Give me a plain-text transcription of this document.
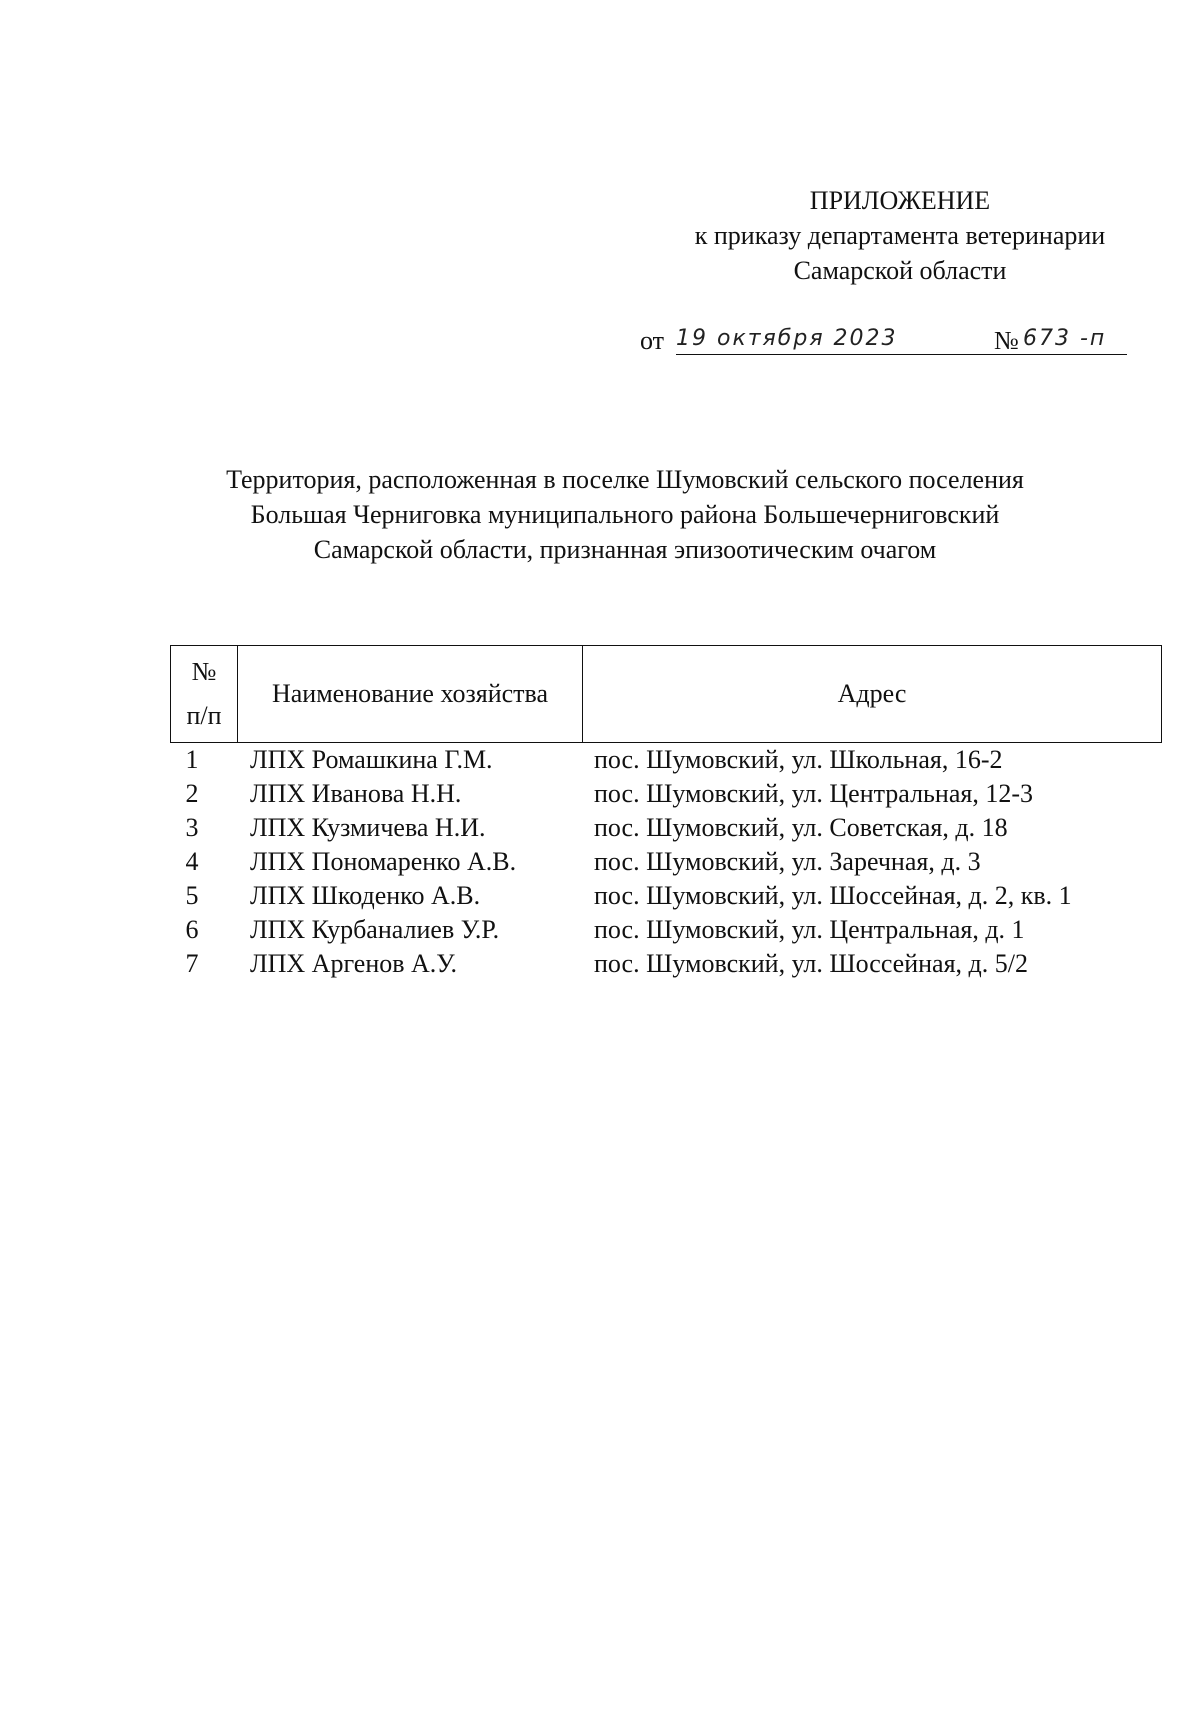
ПРИЛОЖЕНИЕ
к приказу департамента ветеринарии
Самарской области
от 19 октября 2023	№ 673 -п
Территория, расположенная в поселке Шумовский сельского поселения
Большая Черниговка муниципального района Большечерниговский
Самарской области, признанная эпизоотическим очагом
№
п/п
	Наименование хозяйства	Адрес
1 ЛПХ Ромашкина Г.М.	пос. Шумовский, ул. Школьная, 16-2
2 ЛПХ Иванова Н.Н.	пос. Шумовский, ул. Центральная, 12-3
3 ЛПХ Кузмичева Н.И.	пос. Шумовский, ул. Советская, д. 18
4 ЛПХ Пономаренко А.В.	пос. Шумовский, ул. Заречная, д. 3
5 ЛПХ Шкоденко А.В.	пос. Шумовский, ул. Шоссейная, д. 2, кв. 1
6 ЛПХ Курбаналиев У.Р.	пос. Шумовский, ул. Центральная, д. 1
7 ЛПХ Аргенов А.У.	пос. Шумовский, ул. Шоссейная, д. 5/2
